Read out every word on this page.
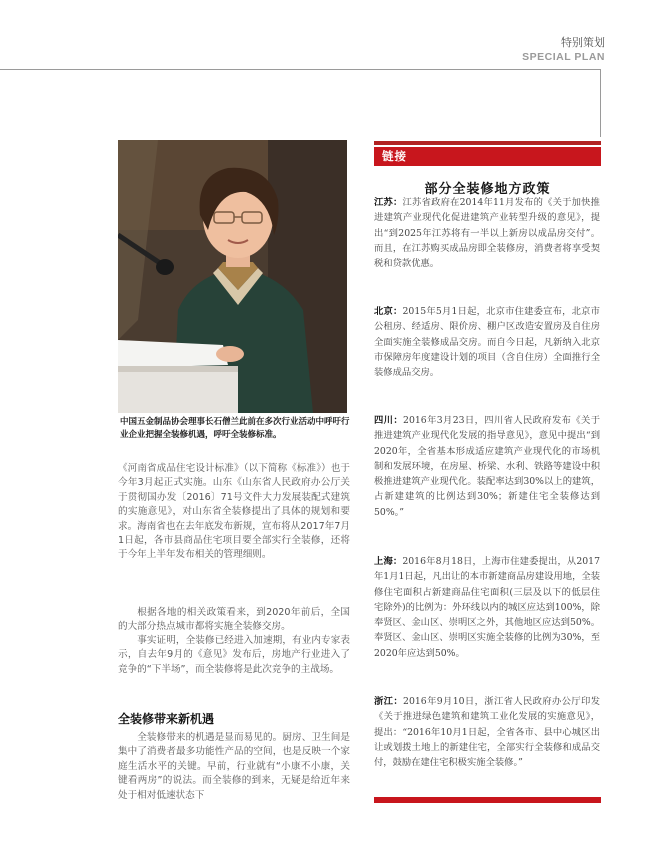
特别策划
SPECIAL PLAN
中国五金制品协会理事长石僧兰此前在多次行业活动中呼吁行业企业把握全装修机遇，呼吁全装修标准。

《河南省成品住宅设计标准》（以下简称《标准》）也于今年3月起正式实施。山东《山东省人民政府办公厅关于贯彻国办发〔2016〕71号文件大力发展装配式建筑的实施意见》，对山东省全装修提出了具体的规划和要求。海南省也在去年底发布新规，宣布将从2017年7月1日起，各市县商品住宅项目要全部实行全装修，还将于今年上半年发布相关的管理细则。

根据各地的相关政策看来，到2020年前后，全国的大部分热点城市都将实施全装修交房。

事实证明，全装修已经进入加速期，有业内专家表示，自去年9月的《意见》发布后，房地产行业进入了竞争的“下半场”，而全装修将是此次竞争的主战场。

全装修带来新机遇

全装修带来的机遇是显而易见的。厨房、卫生间是集中了消费者最多功能性产品的空间，也是反映一个家庭生活水平的关键。早前，行业就有“小康不小康，关键看两房”的说法。而全装修的到来，无疑是给近年来处于相对低速状态下

链接
部分全装修地方政策
江苏：江苏省政府在2014年11月发布的《关于加快推进建筑产业现代化促进建筑产业转型升级的意见》，提出“到2025年江苏将有一半以上新房以成品房交付”。而且，在江苏购买成品房即全装修房，消费者将享受契税和贷款优惠。
北京：2015年5月1日起，北京市住建委宣布，北京市公租房、经适房、限价房、棚户区改造安置房及自住房全面实施全装修成品交房。而自今日起，凡新纳入北京市保障房年度建设计划的项目（含自住房）全面推行全装修成品交房。
四川：2016年3月23日，四川省人民政府发布《关于推进建筑产业现代化发展的指导意见》，意见中提出“到2020年，全省基本形成适应建筑产业现代化的市场机制和发展环境，在房屋、桥梁、水利、铁路等建设中积极推进建筑产业现代化。装配率达到30%以上的建筑，占新建建筑的比例达到30%；新建住宅全装修达到50%。”
上海：2016年8月18日，上海市住建委提出，从2017年1月1日起，凡出让的本市新建商品房建设用地，全装修住宅面积占新建商品住宅面积(三层及以下的低层住宅除外)的比例为：外环线以内的城区应达到100%，除奉贤区、金山区、崇明区之外，其他地区应达到50%。奉贤区、金山区、崇明区实施全装修的比例为30%，至2020年应达到50%。
浙江：2016年9月10日，浙江省人民政府办公厅印发《关于推进绿色建筑和建筑工业化发展的实施意见》，提出：“2016年10月1日起，全省各市、县中心城区出让或划拨土地上的新建住宅，全部实行全装修和成品交付，鼓励在建住宅积极实施全装修。”
